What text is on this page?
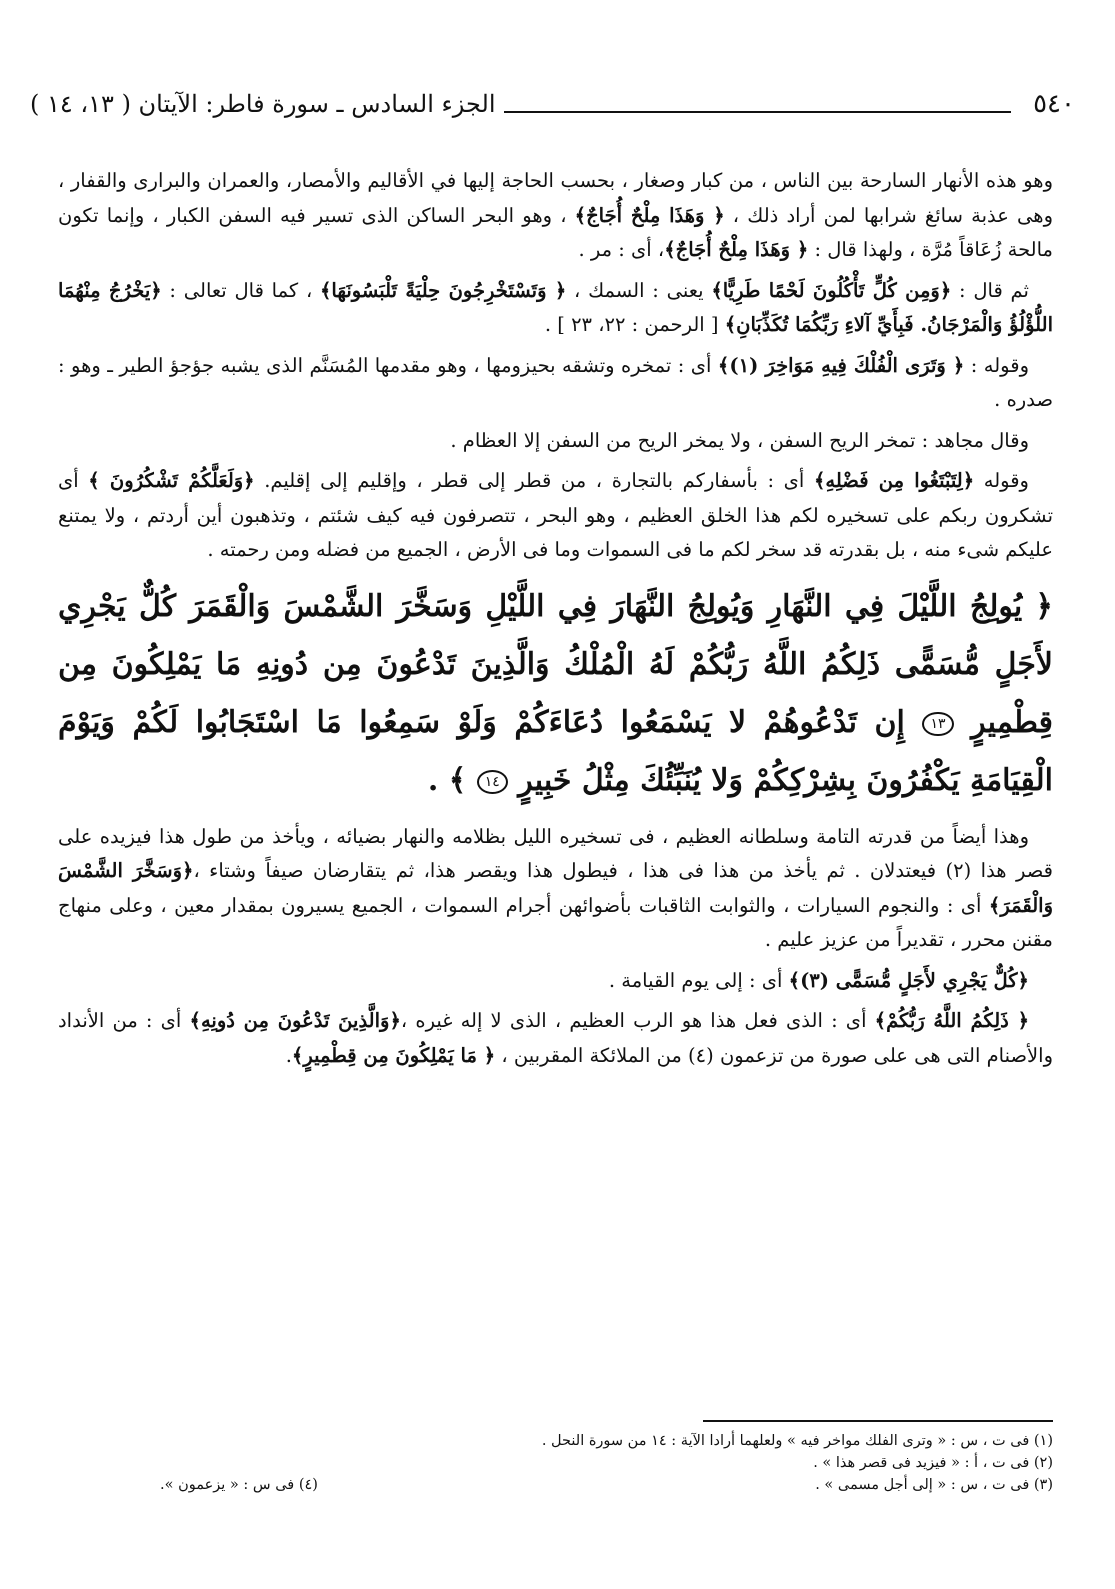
٥٤٠
الجزء السادس ـ سورة فاطر: الآيتان ( ١٣، ١٤ )

وهو هذه الأنهار السارحة بين الناس ، من كبار وصغار ، بحسب الحاجة إليها في الأقاليم والأمصار، والعمران والبرارى والقفار ، وهى عذبة سائغ شرابها لمن أراد ذلك ، ﴿ وَهَذَا مِلْحٌ أُجَاجٌ﴾ ، وهو البحر الساكن الذى تسير فيه السفن الكبار ، وإنما تكون مالحة زُعَاقاً مُرَّة ، ولهذا قال : ﴿ وَهَذَا مِلْحٌ أُجَاجٌ﴾، أى : مر .

ثم قال : ﴿وَمِن كُلٍّ تَأْكُلُونَ لَحْمًا طَرِيًّا﴾ يعنى : السمك ، ﴿ وَتَسْتَخْرِجُونَ حِلْيَةً تَلْبَسُونَهَا﴾ ، كما قال تعالى : ﴿يَخْرُجُ مِنْهُمَا اللُّؤْلُؤُ وَالْمَرْجَانُ. فَبِأَيِّ آلاءِ رَبِّكُمَا تُكَذِّبَانِ﴾ [ الرحمن : ٢٢، ٢٣ ] .

وقوله : ﴿ وَتَرَى الْفُلْكَ فِيهِ مَوَاخِرَ (١)﴾ أى : تمخره وتشقه بحيزومها ، وهو مقدمها المُسَنَّم الذى يشبه جؤجؤ الطير ـ وهو : صدره .

وقال مجاهد : تمخر الريح السفن ، ولا يمخر الريح من السفن إلا العظام .

وقوله ﴿لِتَبْتَغُوا مِن فَضْلِهِ﴾ أى : بأسفاركم بالتجارة ، من قطر إلى قطر ، وإقليم إلى إقليم. ﴿وَلَعَلَّكُمْ تَشْكُرُونَ ﴾ أى تشكرون ربكم على تسخيره لكم هذا الخلق العظيم ، وهو البحر ، تتصرفون فيه كيف شئتم ، وتذهبون أين أردتم ، ولا يمتنع عليكم شىء منه ، بل بقدرته قد سخر لكم ما فى السموات وما فى الأرض ، الجميع من فضله ومن رحمته .

﴿ يُولِجُ اللَّيْلَ فِي النَّهَارِ وَيُولِجُ النَّهَارَ فِي اللَّيْلِ وَسَخَّرَ الشَّمْسَ وَالْقَمَرَ كُلٌّ يَجْرِي لأَجَلٍ مُّسَمًّى ذَلِكُمُ اللَّهُ رَبُّكُمْ لَهُ الْمُلْكُ وَالَّذِينَ تَدْعُونَ مِن دُونِهِ مَا يَمْلِكُونَ مِن قِطْمِيرٍ ١٣ إِن تَدْعُوهُمْ لا يَسْمَعُوا دُعَاءَكُمْ وَلَوْ سَمِعُوا مَا اسْتَجَابُوا لَكُمْ وَيَوْمَ الْقِيَامَةِ يَكْفُرُونَ بِشِرْكِكُمْ وَلا يُنَبِّئُكَ مِثْلُ خَبِيرٍ ١٤ ﴾ .

وهذا أيضاً من قدرته التامة وسلطانه العظيم ، فى تسخيره الليل بظلامه والنهار بضيائه ، ويأخذ من طول هذا فيزيده على قصر هذا (٢) فيعتدلان . ثم يأخذ من هذا فى هذا ، فيطول هذا ويقصر هذا، ثم يتقارضان صيفاً وشتاء ،﴿وَسَخَّرَ الشَّمْسَ وَالْقَمَرَ﴾ أى : والنجوم السيارات ، والثوابت الثاقبات بأضوائهن أجرام السموات ، الجميع يسيرون بمقدار معين ، وعلى منهاج مقنن محرر ، تقديراً من عزيز عليم .

﴿كُلٌّ يَجْرِي لأَجَلٍ مُّسَمًّى (٣)﴾ أى : إلى يوم القيامة .

﴿ ذَلِكُمُ اللَّهُ رَبُّكُمْ﴾ أى : الذى فعل هذا هو الرب العظيم ، الذى لا إله غيره ،﴿وَالَّذِينَ تَدْعُونَ مِن دُونِهِ﴾ أى : من الأنداد والأصنام التى هى على صورة من تزعمون (٤) من الملائكة المقربين ، ﴿ مَا يَمْلِكُونَ مِن قِطْمِيرٍ﴾.

(١) فى ت ، س : « وترى الفلك مواخر فيه » ولعلهما أرادا الآية : ١٤ من سورة النحل .
(٢) فى ت ، أ : « فيزيد فى قصر هذا » .
(٣) فى ت ، س : « إلى أجل مسمى » .
(٤) فى س : « يزعمون ».
